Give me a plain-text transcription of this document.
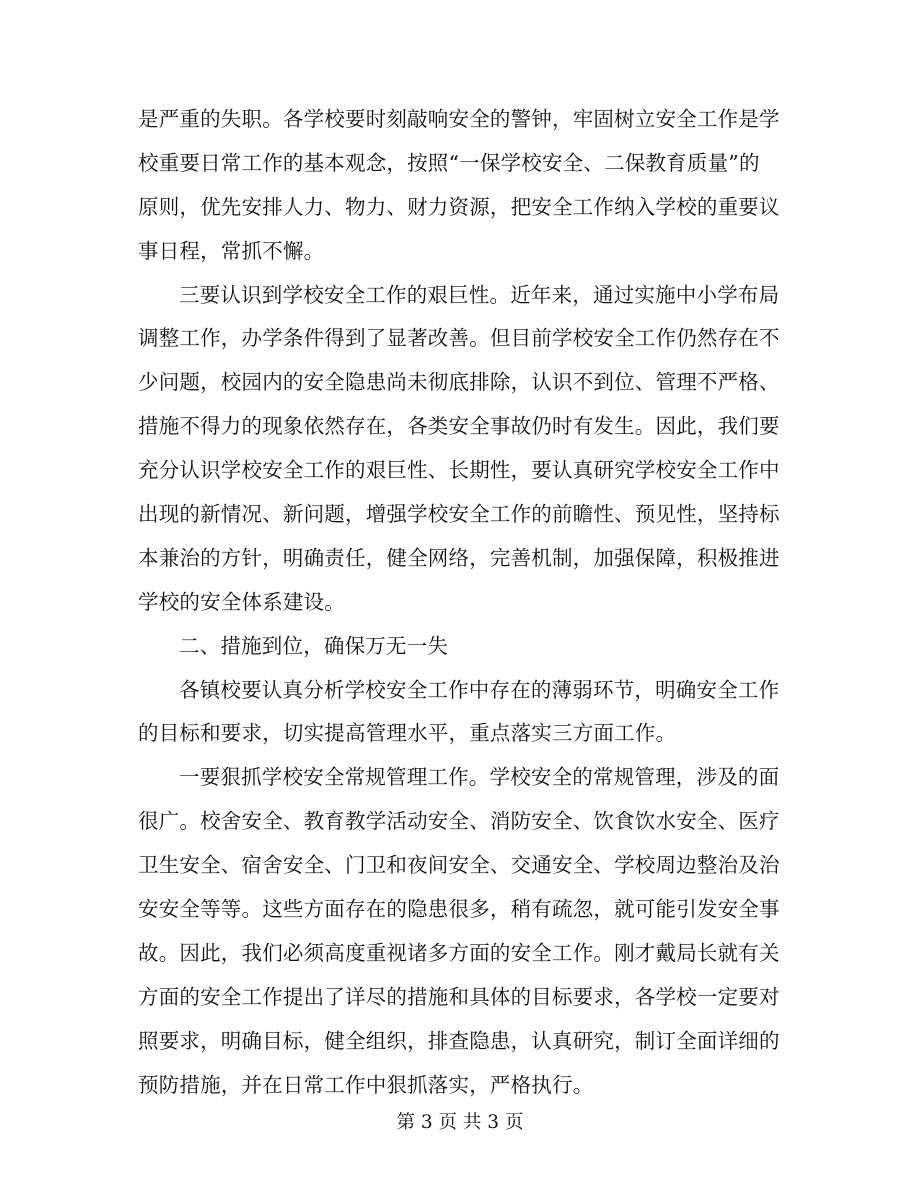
是严重的失职。各学校要时刻敲响安全的警钟，牢固树立安全工作是学
校重要日常工作的基本观念，按照“一保学校安全、二保教育质量”的
原则，优先安排人力、物力、财力资源，把安全工作纳入学校的重要议
事日程，常抓不懈。
三要认识到学校安全工作的艰巨性。近年来，通过实施中小学布局
调整工作，办学条件得到了显著改善。但目前学校安全工作仍然存在不
少问题，校园内的安全隐患尚未彻底排除，认识不到位、管理不严格、
措施不得力的现象依然存在，各类安全事故仍时有发生。因此，我们要
充分认识学校安全工作的艰巨性、长期性，要认真研究学校安全工作中
出现的新情况、新问题，增强学校安全工作的前瞻性、预见性，坚持标
本兼治的方针，明确责任，健全网络，完善机制，加强保障，积极推进
学校的安全体系建设。
二、措施到位，确保万无一失
各镇校要认真分析学校安全工作中存在的薄弱环节，明确安全工作
的目标和要求，切实提高管理水平，重点落实三方面工作。
一要狠抓学校安全常规管理工作。学校安全的常规管理，涉及的面
很广。校舍安全、教育教学活动安全、消防安全、饮食饮水安全、医疗
卫生安全、宿舍安全、门卫和夜间安全、交通安全、学校周边整治及治
安安全等等。这些方面存在的隐患很多，稍有疏忽，就可能引发安全事
故。因此，我们必须高度重视诸多方面的安全工作。刚才戴局长就有关
方面的安全工作提出了详尽的措施和具体的目标要求，各学校一定要对
照要求，明确目标，健全组织，排查隐患，认真研究，制订全面详细的
预防措施，并在日常工作中狠抓落实，严格执行。
第 3 页 共 3 页
